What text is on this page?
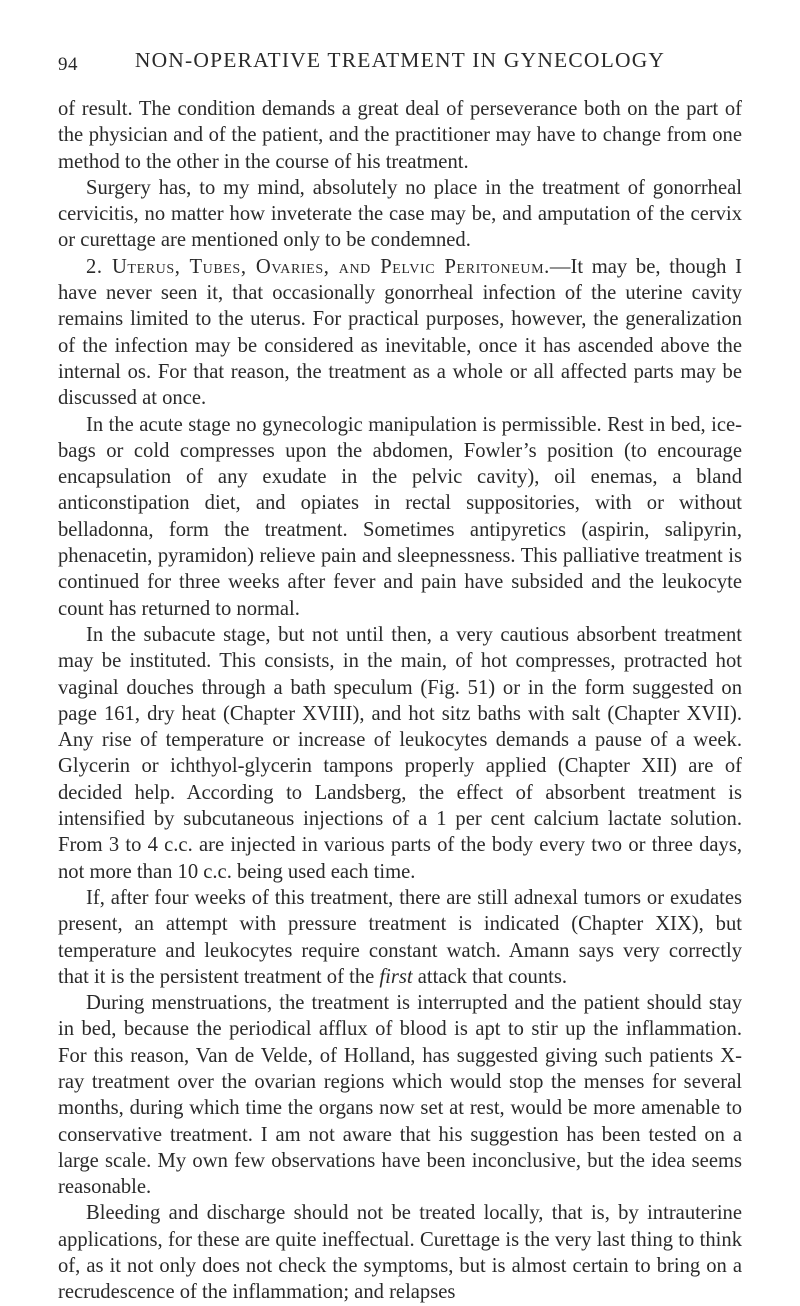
94	NON-OPERATIVE TREATMENT IN GYNECOLOGY

of result. The condition demands a great deal of perseverance both on the part of the physician and of the patient, and the practitioner may have to change from one method to the other in the course of his treatment.

Surgery has, to my mind, absolutely no place in the treatment of gonorrheal cervicitis, no matter how inveterate the case may be, and amputation of the cervix or curettage are mentioned only to be condemned.

2. Uterus, Tubes, Ovaries, and Pelvic Peritoneum.—It may be, though I have never seen it, that occasionally gonorrheal infection of the uterine cavity remains limited to the uterus. For practical purposes, however, the generalization of the infection may be considered as inevitable, once it has ascended above the internal os. For that reason, the treatment as a whole or all affected parts may be discussed at once.

In the acute stage no gynecologic manipulation is permissible. Rest in bed, ice-bags or cold compresses upon the abdomen, Fowler’s position (to encourage encapsulation of any exudate in the pelvic cavity), oil enemas, a bland anticonstipation diet, and opiates in rectal suppositories, with or without belladonna, form the treatment. Sometimes antipyretics (aspirin, salipyrin, phenacetin, pyramidon) relieve pain and sleepnessness. This palliative treatment is continued for three weeks after fever and pain have subsided and the leukocyte count has returned to normal.

In the subacute stage, but not until then, a very cautious absorbent treatment may be instituted. This consists, in the main, of hot compresses, protracted hot vaginal douches through a bath speculum (Fig. 51) or in the form suggested on page 161, dry heat (Chapter XVIII), and hot sitz baths with salt (Chapter XVII). Any rise of temperature or increase of leukocytes demands a pause of a week. Glycerin or ichthyol-glycerin tampons properly applied (Chapter XII) are of decided help. According to Landsberg, the effect of absorbent treatment is intensified by subcutaneous injections of a 1 per cent calcium lactate solution. From 3 to 4 c.c. are injected in various parts of the body every two or three days, not more than 10 c.c. being used each time.

If, after four weeks of this treatment, there are still adnexal tumors or exudates present, an attempt with pressure treatment is indicated (Chapter XIX), but temperature and leukocytes require constant watch. Amann says very correctly that it is the persistent treatment of the first attack that counts.

During menstruations, the treatment is interrupted and the patient should stay in bed, because the periodical afflux of blood is apt to stir up the inflammation. For this reason, Van de Velde, of Holland, has suggested giving such patients X-ray treatment over the ovarian regions which would stop the menses for several months, during which time the organs now set at rest, would be more amenable to conservative treatment. I am not aware that his suggestion has been tested on a large scale. My own few observations have been inconclusive, but the idea seems reasonable.

Bleeding and discharge should not be treated locally, that is, by intrauterine applications, for these are quite ineffectual. Curettage is the very last thing to think of, as it not only does not check the symptoms, but is almost certain to bring on a recrudescence of the inflammation; and relapses
